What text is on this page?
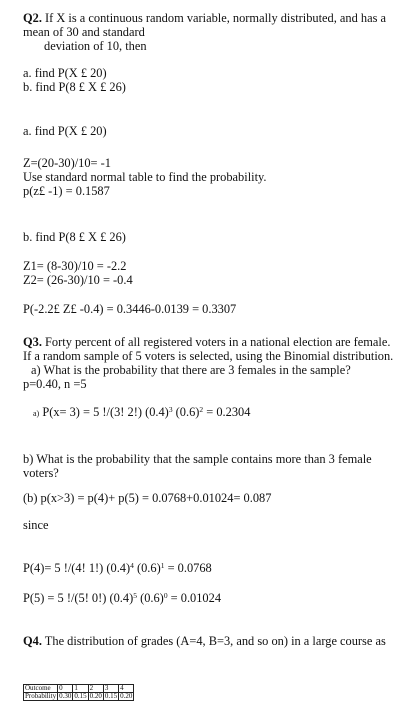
Q2. If X is a continuous random variable, normally distributed, and has a
mean of 30 and standard
deviation of 10, then
a. find P(X £ 20)
b. find P(8 £ X £ 26)
a. find P(X £ 20)
Z=(20-30)/10= -1
Use standard normal table to find the probability.
p(z£ -1) = 0.1587
b. find P(8 £ X £ 26)
Z1= (8-30)/10 = -2.2
Z2= (26-30)/10 = -0.4
P(-2.2£ Z£ -0.4) = 0.3446-0.0139 = 0.3307
Q3. Forty percent of all registered voters in a national election are female.
If a random sample of 5 voters is selected, using the Binomial distribution.
a) What is the probability that there are 3 females in the sample?
p=0.40, n =5
a) P(x= 3) = 5 !/(3! 2!) $(0.4)^3$ $(0.6)^2 = 0.2304$
b) What is the probability that the sample contains more than 3 female
voters?
(b) p(x>3) = p(4)+ p(5) = 0.0768+0.01024= 0.087
since
P(4)= 5 !/(4! 1!) $(0.4)^4$ $(0.6)^1 = 0.0768$
P(5) = 5 !/(5! 0!) $(0.4)^5$ $(0.6)^0 = 0.01024$
Q4. The distribution of grades (A=4, B=3, and so on) in a large course as
Outcome	0	1	2	3	4
Probability	0.30	0.15	0.20	0.15	0.20
